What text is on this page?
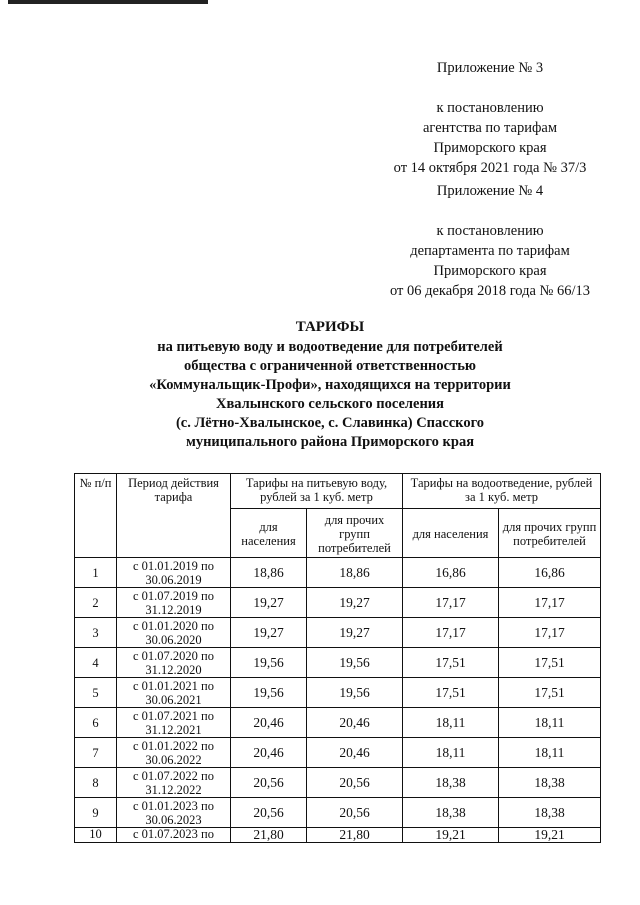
Приложение № 3
к постановлению
агентства по тарифам
Приморского края
от 14 октября 2021 года № 37/3
Приложение № 4
к постановлению
департамента по тарифам
Приморского края
от 06 декабря 2018 года № 66/13
ТАРИФЫ
на питьевую воду и водоотведение для потребителей
общества с ограниченной ответственностью
«Коммунальщик-Профи», находящихся на территории
Хвалынского сельского поселения
(с. Лётно-Хвалынское, с. Славинка) Спасского
муниципального района Приморского края
№ п/п	Период действия тарифа	Тарифы на питьевую воду, рублей за 1 куб. метр		Тарифы на водоотведение, рублей за 1 куб. метр	
		для населения	для прочих групп потребителей	для населения	для прочих групп потребителей
1	с 01.01.2019 по 30.06.2019	18,86	18,86	16,86	16,86
2	с 01.07.2019 по 31.12.2019	19,27	19,27	17,17	17,17
3	с 01.01.2020 по 30.06.2020	19,27	19,27	17,17	17,17
4	с 01.07.2020 по 31.12.2020	19,56	19,56	17,51	17,51
5	с 01.01.2021 по 30.06.2021	19,56	19,56	17,51	17,51
6	с 01.07.2021 по 31.12.2021	20,46	20,46	18,11	18,11
7	с 01.01.2022 по 30.06.2022	20,46	20,46	18,11	18,11
8	с 01.07.2022 по 31.12.2022	20,56	20,56	18,38	18,38
9	с 01.01.2023 по 30.06.2023	20,56	20,56	18,38	18,38
10	с 01.07.2023 по	21,80	21,80	19,21	19,21
